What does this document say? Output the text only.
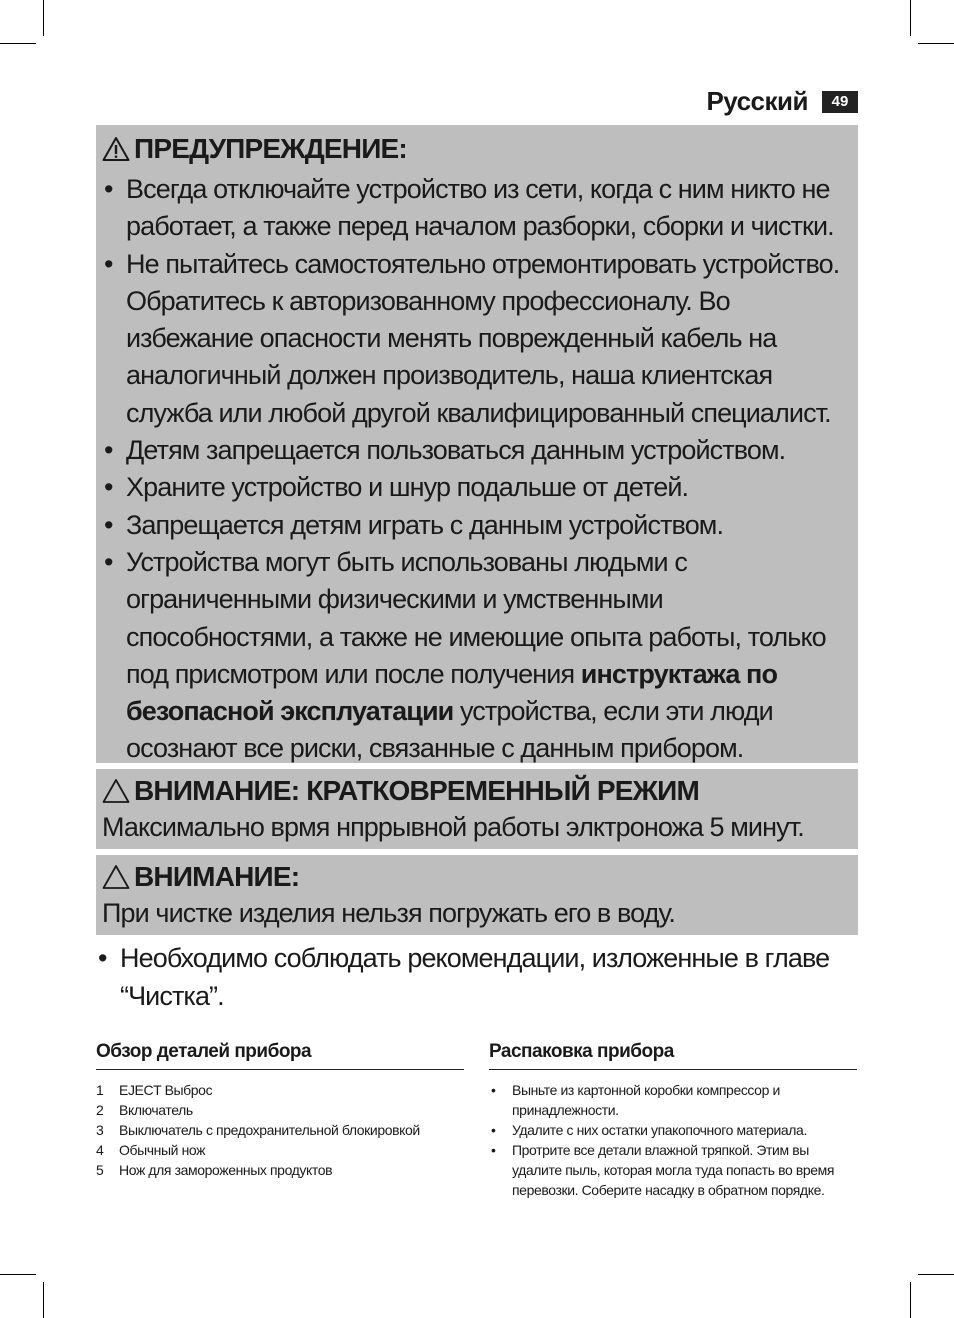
Русский	49
ПРЕДУПРЕЖДЕНИЕ:
• Всегда отключайте устройство из сети, когда с ним никто не работает, а также перед началом разборки, сборки и чистки.
• Не пытайтесь самостоятельно отремонтировать устройство. Обратитесь к авторизованному профессионалу. Во избежание опасности менять поврежденный кабель на аналогичный должен производитель, наша клиентская служба или любой другой квалифицированный специалист.
• Детям запрещается пользоваться данным устройством.
• Храните устройство и шнур подальше от детей.
• Запрещается детям играть с данным устройством.
• Устройства могут быть использованы людьми с ограниченными физическими и умственными способностями, а также не имеющие опыта работы, только под присмотром или после получения инструктажа по безопасной эксплуатации устройства, если эти люди осознают все риски, связанные с данным прибором.
ВНИМАНИЕ: КРАТКОВРЕМЕННЫЙ РЕЖИМ
Максимально врмя нпррывной работы элктроножа 5 минут.
ВНИМАНИЕ:
При чистке изделия нельзя погружать его в воду.
• Необходимо соблюдать рекомендации, изложенные в главе “Чистка”.
Обзор деталей прибора
1	EJECT Выброс
2	Включатель
3	Выключатель с предохранительной блокировкой
4	Обычный нож
5	Нож для замороженных продуктов
Распаковка прибора
• Выньте из картонной коробки компрессор и принадлежности.
• Удалите с них остатки упакопочного материала.
• Протрите все детали влажной тряпкой. Этим вы удалите пыль, которая могла туда попасть во время перевозки. Соберите насадку в обратном порядке.
